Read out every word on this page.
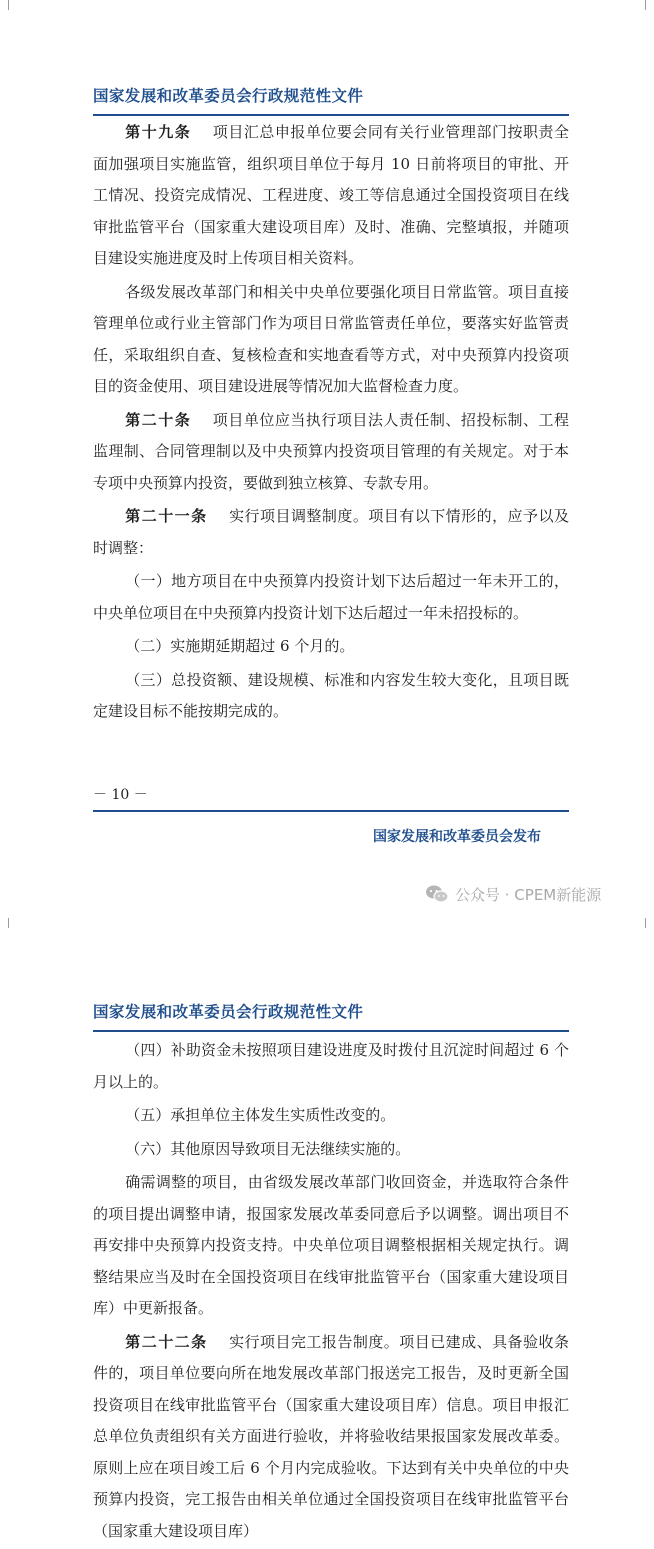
国家发展和改革委员会行政规范性文件

第十九条 项目汇总申报单位要会同有关行业管理部门按职责全面加强项目实施监管，组织项目单位于每月 10 日前将项目的审批、开工情况、投资完成情况、工程进度、竣工等信息通过全国投资项目在线审批监管平台（国家重大建设项目库）及时、准确、完整填报，并随项目建设实施进度及时上传项目相关资料。

各级发展改革部门和相关中央单位要强化项目日常监管。项目直接管理单位或行业主管部门作为项目日常监管责任单位，要落实好监管责任，采取组织自查、复核检查和实地查看等方式，对中央预算内投资项目的资金使用、项目建设进展等情况加大监督检查力度。

第二十条 项目单位应当执行项目法人责任制、招投标制、工程监理制、合同管理制以及中央预算内投资项目管理的有关规定。对于本专项中央预算内投资，要做到独立核算、专款专用。

第二十一条 实行项目调整制度。项目有以下情形的，应予以及时调整：

（一）地方项目在中央预算内投资计划下达后超过一年未开工的，中央单位项目在中央预算内投资计划下达后超过一年未招投标的。

（二）实施期延期超过 6 个月的。

（三）总投资额、建设规模、标准和内容发生较大变化，且项目既定建设目标不能按期完成的。

－ 10 －
国家发展和改革委员会发布
公众号 · CPEM新能源
国家发展和改革委员会行政规范性文件

（四）补助资金未按照项目建设进度及时拨付且沉淀时间超过 6 个月以上的。

（五）承担单位主体发生实质性改变的。

（六）其他原因导致项目无法继续实施的。

确需调整的项目，由省级发展改革部门收回资金，并选取符合条件的项目提出调整申请，报国家发展改革委同意后予以调整。调出项目不再安排中央预算内投资支持。中央单位项目调整根据相关规定执行。调整结果应当及时在全国投资项目在线审批监管平台（国家重大建设项目库）中更新报备。

第二十二条 实行项目完工报告制度。项目已建成、具备验收条件的，项目单位要向所在地发展改革部门报送完工报告，及时更新全国投资项目在线审批监管平台（国家重大建设项目库）信息。项目申报汇总单位负责组织有关方面进行验收，并将验收结果报国家发展改革委。原则上应在项目竣工后 6 个月内完成验收。下达到有关中央单位的中央预算内投资，完工报告由相关单位通过全国投资项目在线审批监管平台（国家重大建设项目库）
